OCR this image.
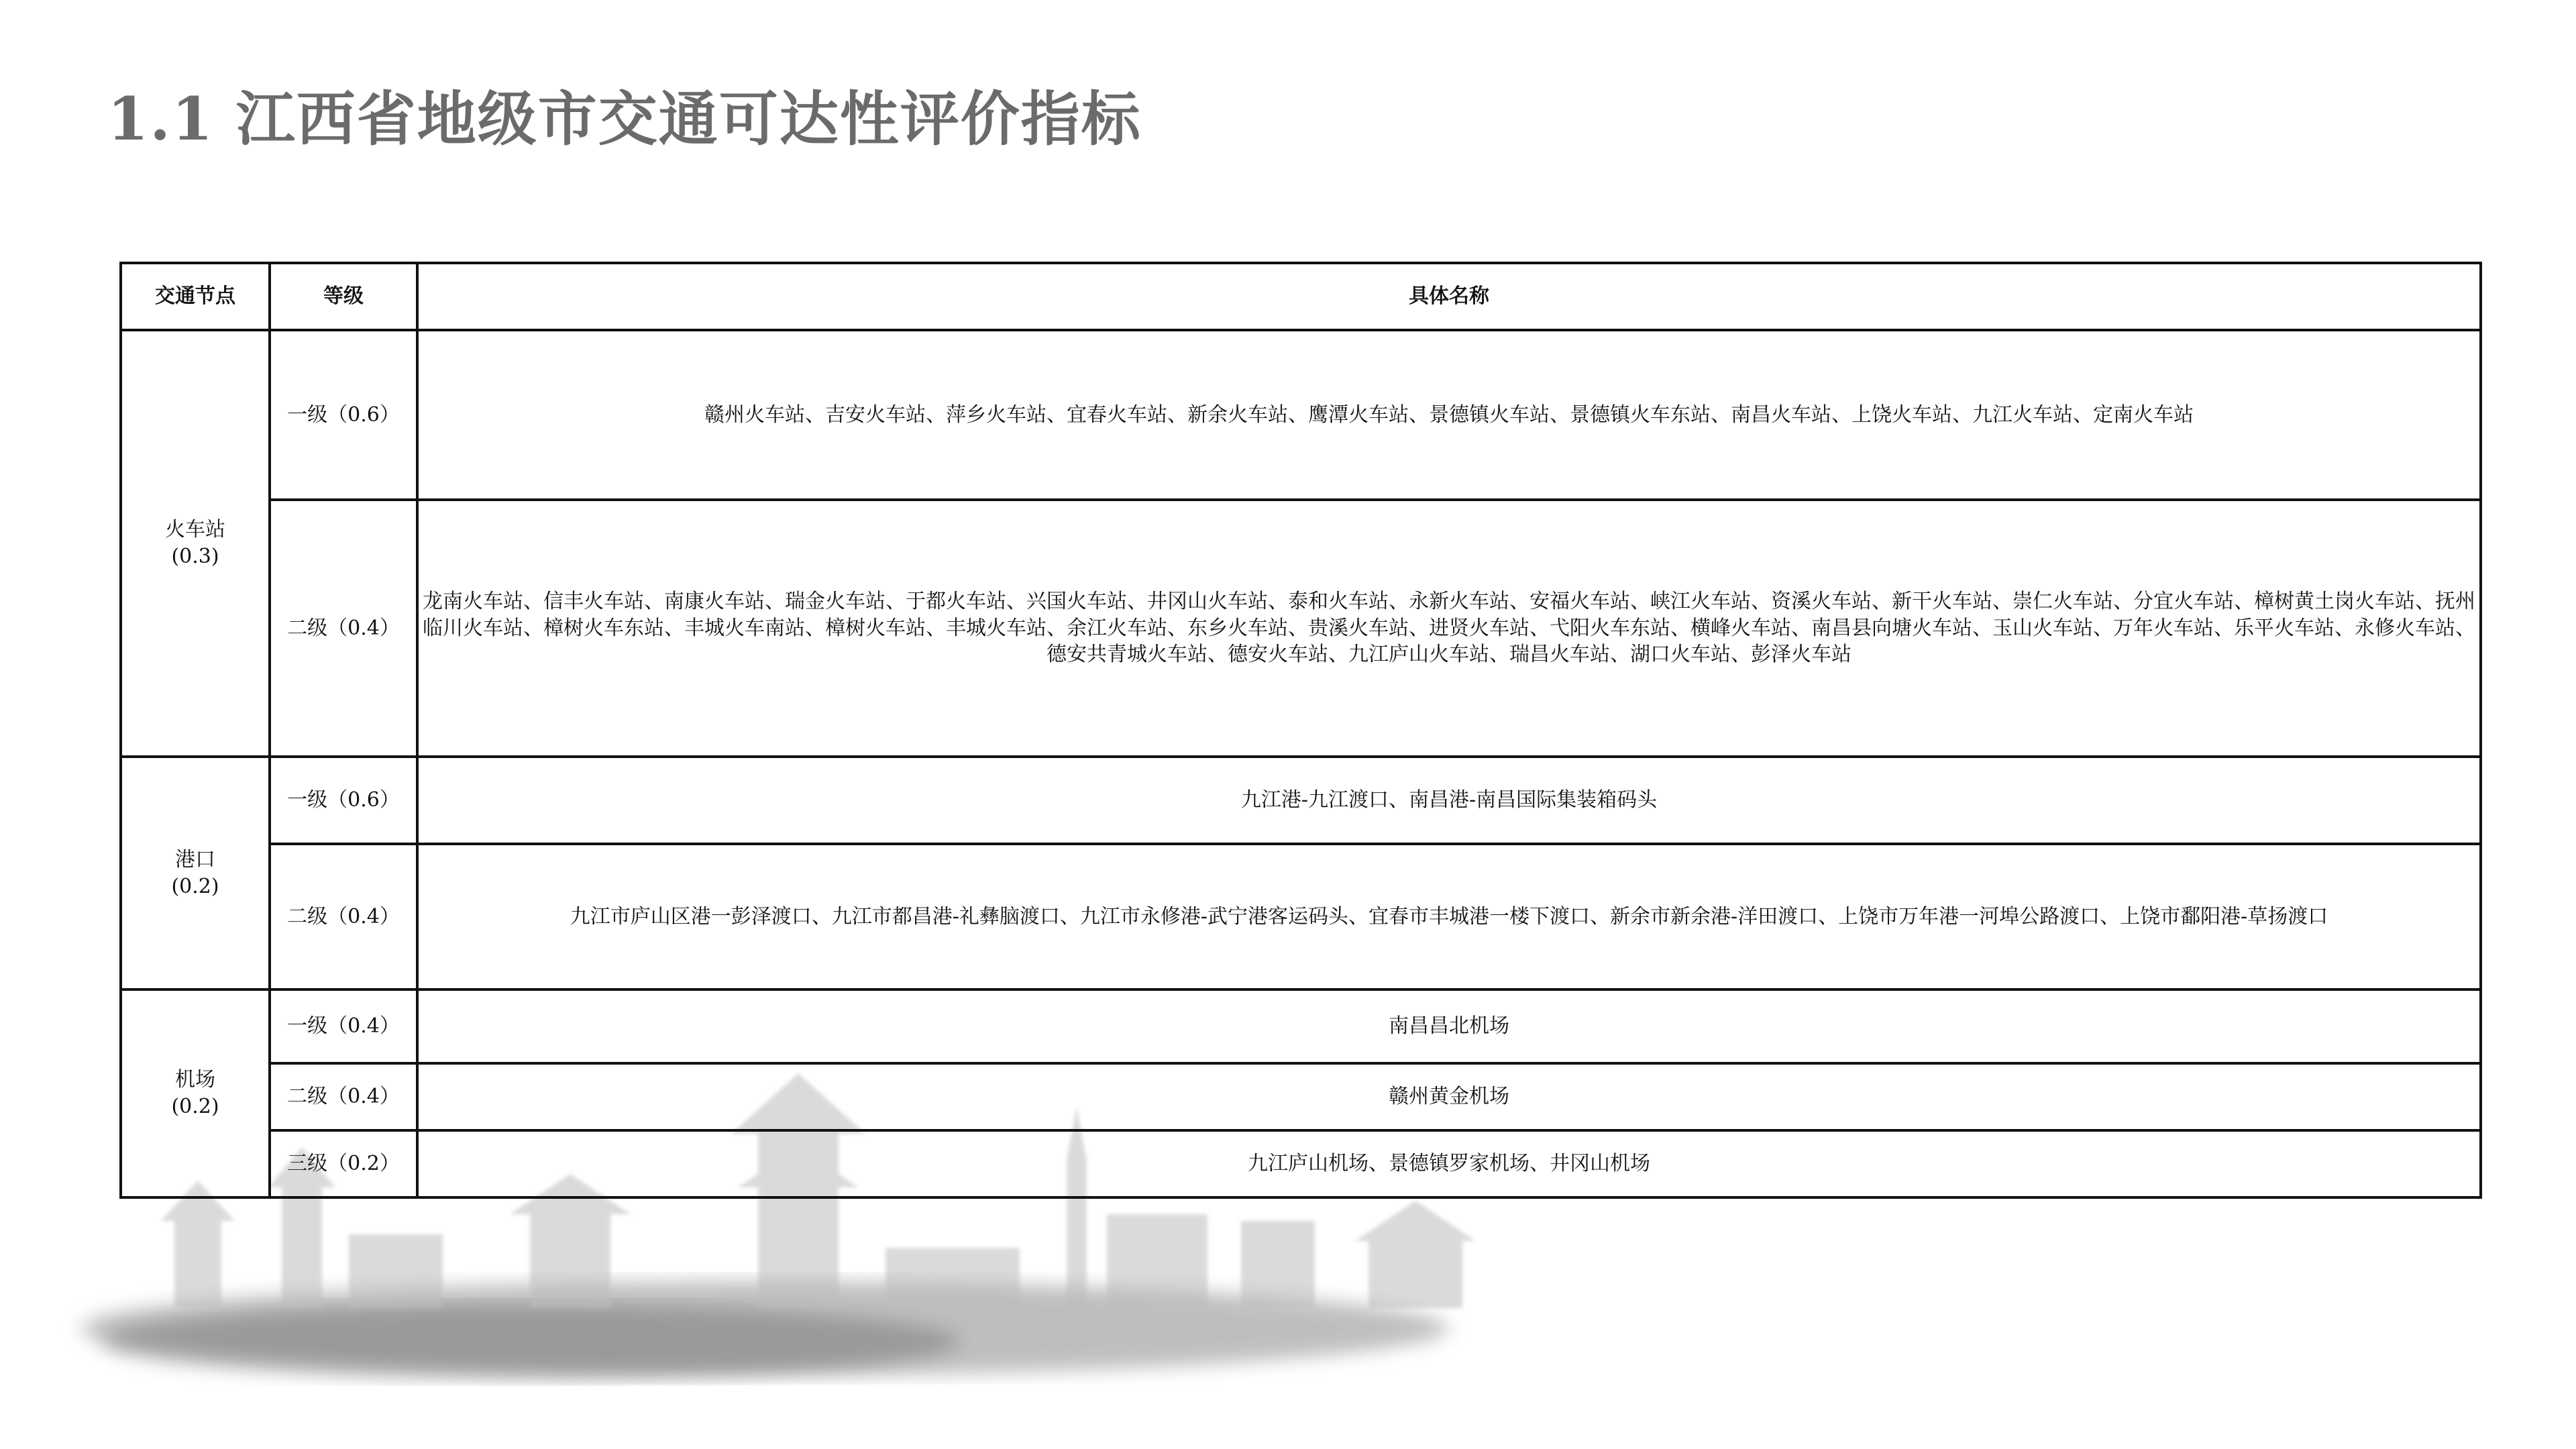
1.1 江西省地级市交通可达性评价指标
交通节点	等级	具体名称

火车站
(0.3)	一级（0.6）	赣州火车站、吉安火车站、萍乡火车站、宜春火车站、新余火车站、鹰潭火车站、景德镇火车站、景德镇火车东站、南昌火车站、上饶火车站、九江火车站、定南火车站
	二级（0.4）	龙南火车站、信丰火车站、南康火车站、瑞金火车站、于都火车站、兴国火车站、井冈山火车站、泰和火车站、永新火车站、安福火车站、峡江火车站、资溪火车站、新干火车站、崇仁火车站、分宜火车站、樟树黄土岗火车站、抚州临川火车站、樟树火车东站、丰城火车南站、樟树火车站、丰城火车站、余江火车站、东乡火车站、贵溪火车站、进贤火车站、弋阳火车东站、横峰火车站、南昌县向塘火车站、玉山火车站、万年火车站、乐平火车站、永修火车站、德安共青城火车站、德安火车站、九江庐山火车站、瑞昌火车站、湖口火车站、彭泽火车站

港口
(0.2)	一级（0.6）	九江港-九江渡口、南昌港-南昌国际集装箱码头
	二级（0.4）	九江市庐山区港一彭泽渡口、九江市都昌港-礼彝脑渡口、九江市永修港-武宁港客运码头、宜春市丰城港一楼下渡口、新余市新余港-洋田渡口、上饶市万年港一河埠公路渡口、上饶市鄱阳港-草扬渡口

机场
(0.2)	一级（0.4）	南昌昌北机场
	二级（0.4）	赣州黄金机场
	三级（0.2）	九江庐山机场、景德镇罗家机场、井冈山机场
